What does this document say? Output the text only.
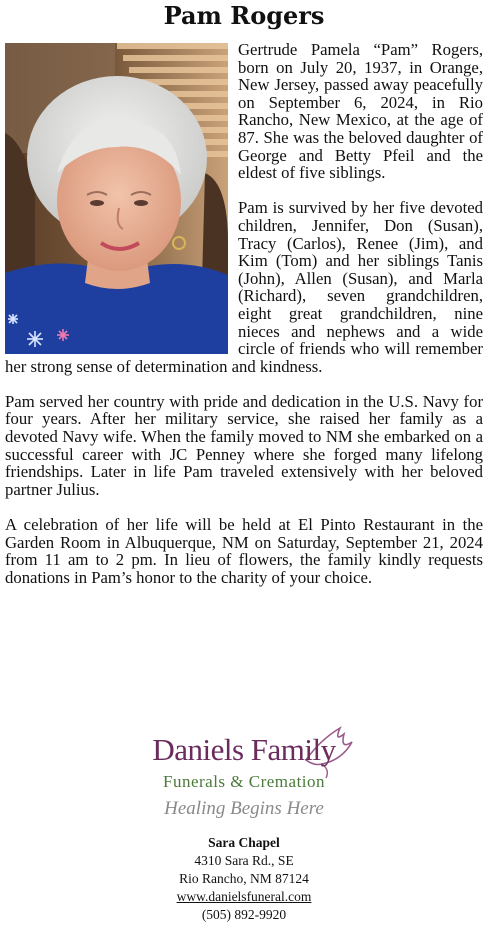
Pam Rogers

Gertrude Pamela “Pam” Rogers, born on July 20, 1937, in Orange, New Jersey, passed away peacefully on September 6, 2024, in Rio Rancho, New Mexico, at the age of 87. She was the beloved daughter of George and Betty Pfeil and the eldest of five siblings.

Pam is survived by her five devoted children, Jennifer, Don (Susan), Tracy (Carlos), Renee (Jim), and Kim (Tom) and her siblings Tanis (John), Allen (Susan), and Marla (Richard), seven grandchildren, eight great grandchildren, nine nieces and nephews and a wide circle of friends who will remember her strong sense of determination and kindness.

Pam served her country with pride and dedication in the U.S. Navy for four years. After her military service, she raised her family as a devoted Navy wife. When the family moved to NM she embarked on a successful career with JC Penney where she forged many lifelong friendships. Later in life Pam traveled extensively with her beloved partner Julius.

A celebration of her life will be held at El Pinto Restaurant in the Garden Room in Albuquerque, NM on Saturday, September 21, 2024 from 11 am to 2 pm. In lieu of flowers, the family kindly requests donations in Pam’s honor to the charity of your choice.

Daniels Family
Funerals & Cremation
Healing Begins Here
Sara Chapel
4310 Sara Rd., SE
Rio Rancho, NM 87124
www.danielsfuneral.com
(505) 892-9920
